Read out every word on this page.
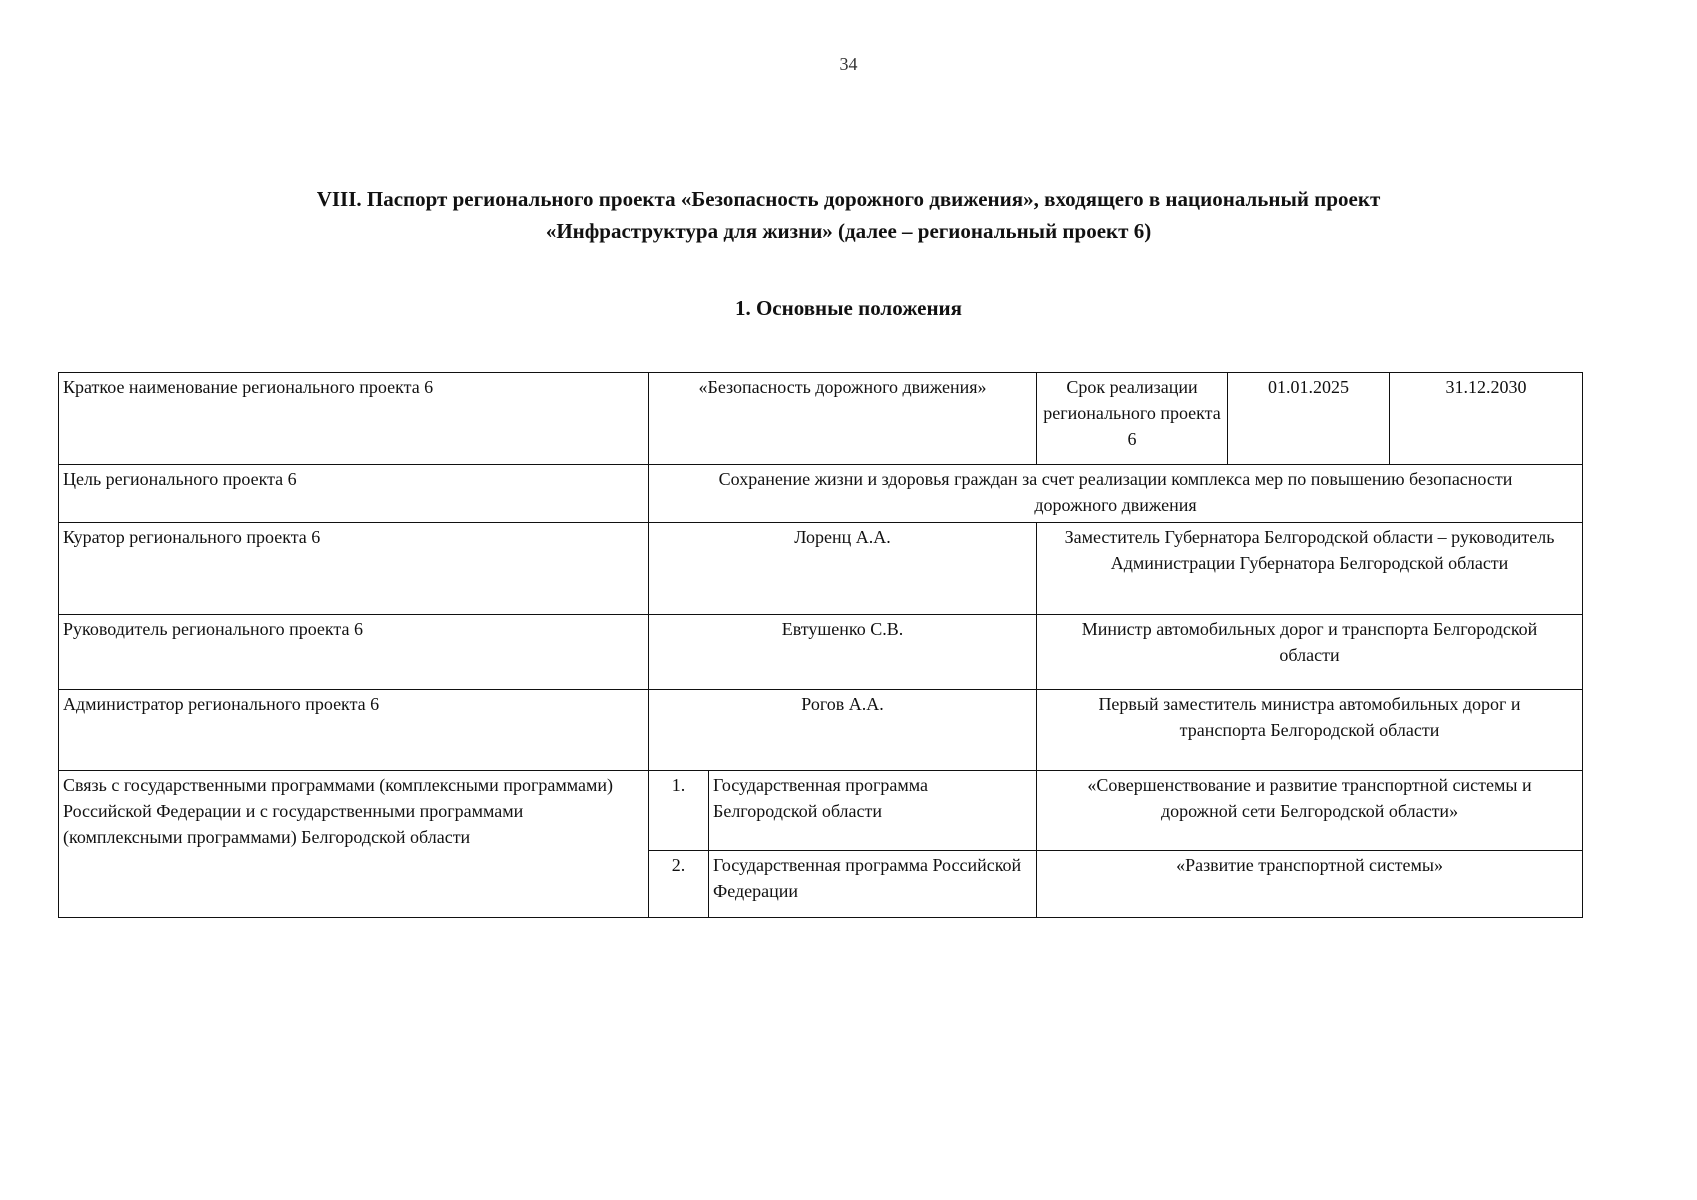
34
VIII. Паспорт регионального проекта «Безопасность дорожного движения», входящего в национальный проект
«Инфраструктура для жизни» (далее – региональный проект 6)
1. Основные положения
Краткое наименование регионального проекта 6	«Безопасность дорожного движения»		Срок реализации регионального проекта 6	01.01.2025	31.12.2030
Цель регионального проекта 6	Сохранение жизни и здоровья граждан за счет реализации комплекса мер по повышению безопасности дорожного движения				
Куратор регионального проекта 6	Лоренц А.А.		Заместитель Губернатора Белгородской области – руководитель Администрации Губернатора Белгородской области		
Руководитель регионального проекта 6	Евтушенко С.В.		Министр автомобильных дорог и транспорта Белгородской области		
Администратор регионального проекта 6	Рогов А.А.		Первый заместитель министра автомобильных дорог и транспорта Белгородской области		
Связь с государственными программами (комплексными программами) Российской Федерации и с государственными программами (комплексными программами) Белгородской области	1.	Государственная программа Белгородской области	«Совершенствование и развитие транспортной системы и дорожной сети Белгородской области»		
	2.	Государственная программа Российской Федерации	«Развитие транспортной системы»		
